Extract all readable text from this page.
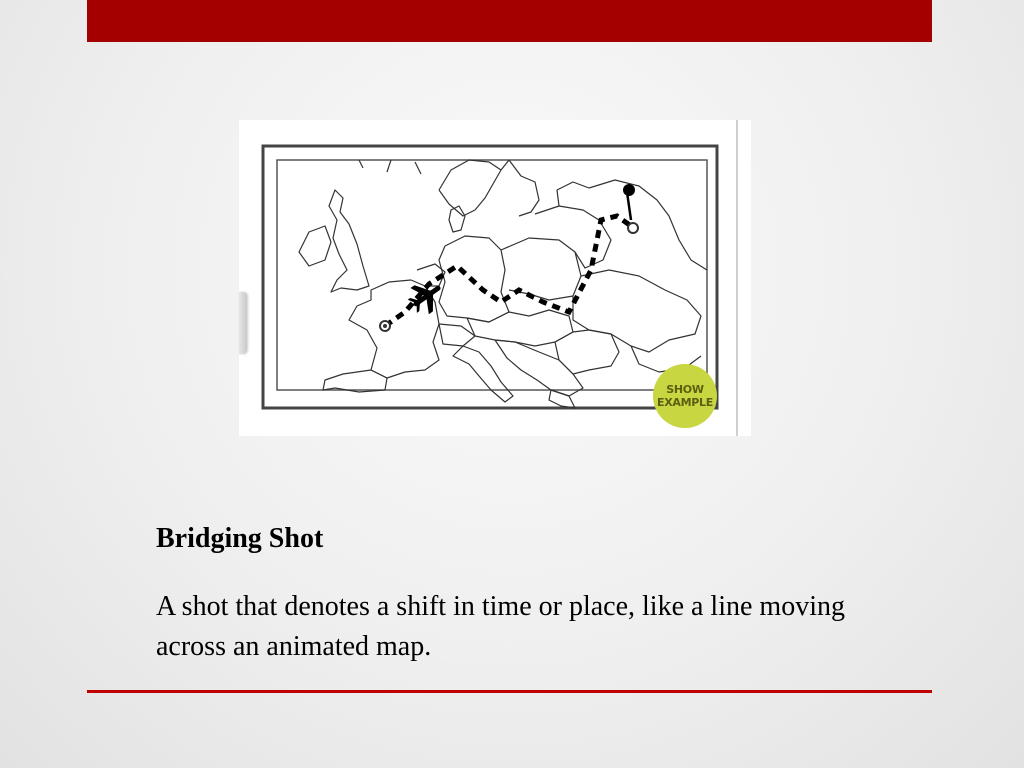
SHOW
EXAMPLE

Bridging Shot

A shot that denotes a shift in time or place, like a line moving across an animated map.
